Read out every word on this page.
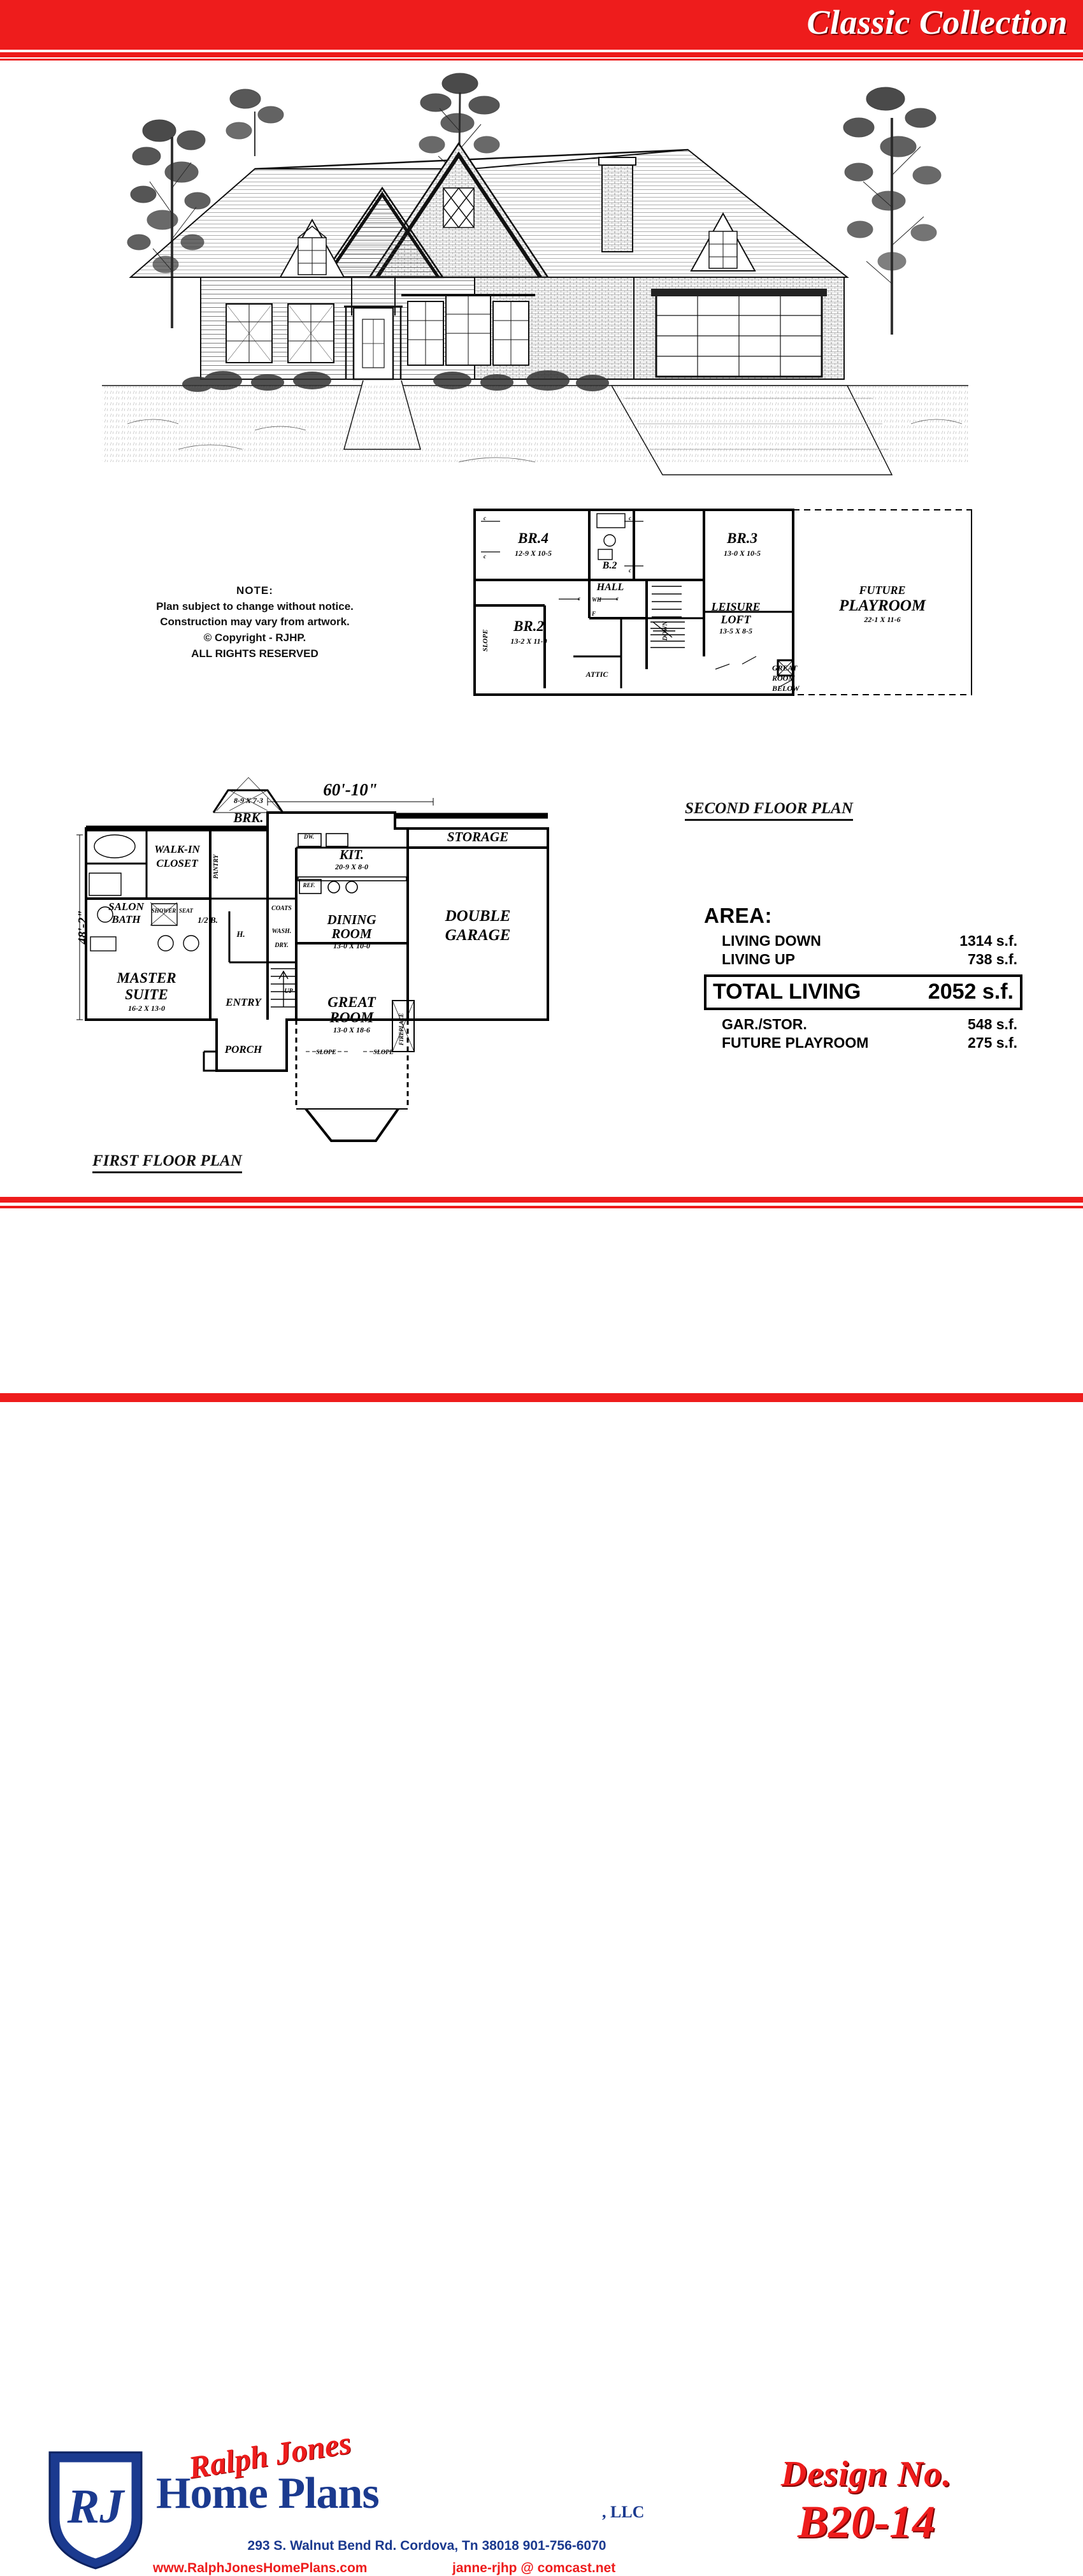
Classic Collection
NOTE:
Plan subject to change without notice.
Construction may vary from artwork.
© Copyright - RJHP.
ALL RIGHTS RESERVED
BR.4
12-9 X 10-5
B.2
BR.3
13-0 X 10-5
HALL
BR.2
13-2 X 11-0
LEISURE
LOFT
13-5 X 8-5
FUTURE
PLAYROOM
22-1 X 11-6
ATTIC
SLOPE	DOWN
GREAT
ROOM
BELOW
c
c
c
c
c	c
L
WH
F
SECOND FLOOR PLAN
8-9 X 7-3
BRK.
SLOPED CLG.
KIT.
20-9 X 8-0
DW.
REF.
STORAGE
DOUBLE
GARAGE
WALK-IN
CLOSET PANTRY
SALON
BATH
SHOWER SEAT
1/2 B.
H.
COATS
WASH.
DRY.
DINING
ROOM
13-0 X 10-0
MASTER
SUITE
16-2 X 13-0	ENTRY	GREAT
ROOM
13-0 X 18-6
PORCH
FIREPLACE
SLOPE	SLOPE
UP
60'-10"
48'-2"
FIRST FLOOR PLAN
AREA:
LIVING DOWN	1314 s.f.
LIVING UP	738 s.f.
TOTAL LIVING	2052 s.f.
GAR./STOR.	548 s.f.
FUTURE PLAYROOM	275 s.f.
RJ
Ralph Jones
Home Plans	, LLC
293 S. Walnut Bend Rd. Cordova, Tn 38018 901-756-6070
www.RalphJonesHomePlans.com	janne-rjhp @ comcast.net
Design No.
B20-14
